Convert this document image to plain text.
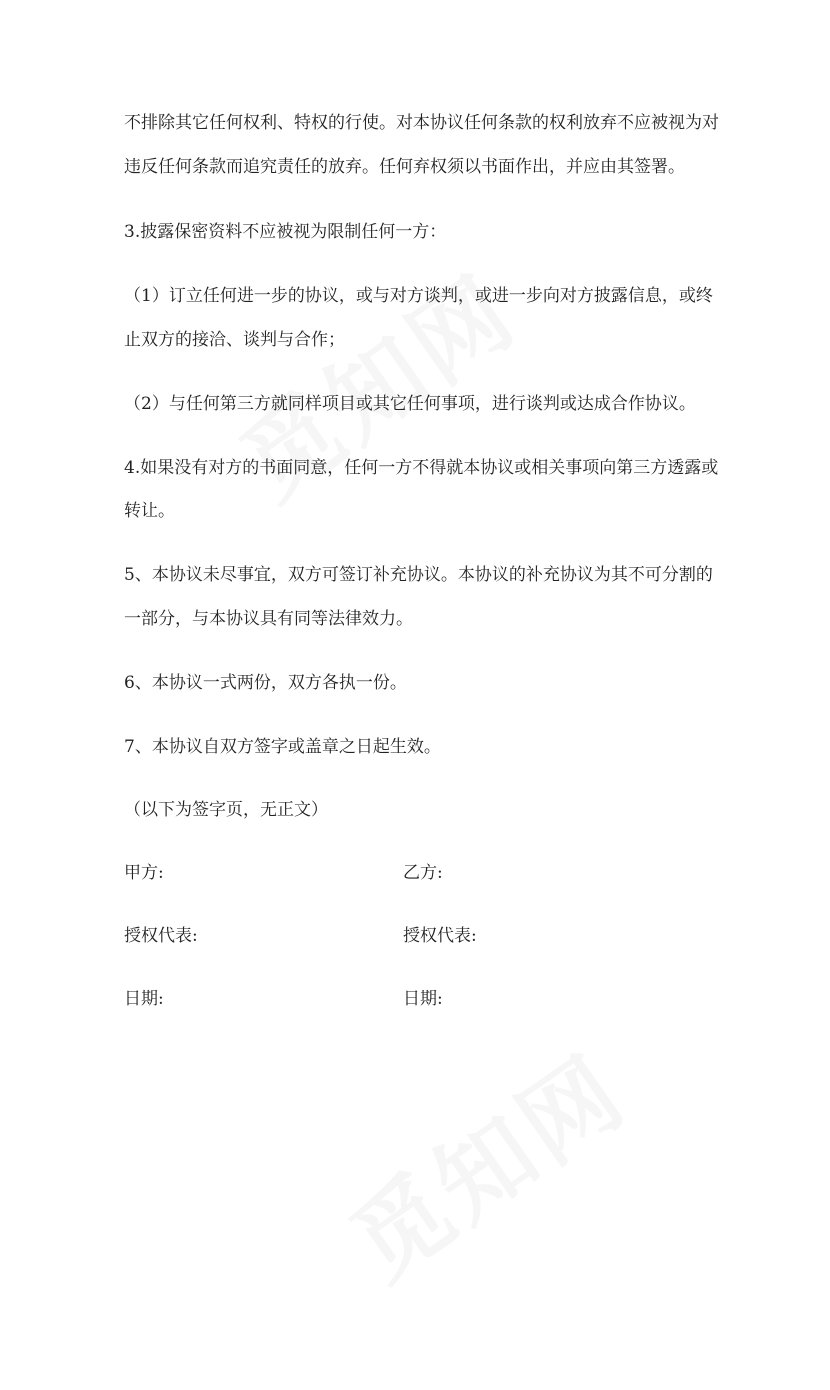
不排除其它任何权利、特权的行使。对本协议任何条款的权利放弃不应被视为对
违反任何条款而追究责任的放弃。任何弃权须以书面作出，并应由其签署。
3.披露保密资料不应被视为限制任何一方：
（1）订立任何进一步的协议，或与对方谈判，或进一步向对方披露信息，或终
止双方的接洽、谈判与合作；
（2）与任何第三方就同样项目或其它任何事项，进行谈判或达成合作协议。
4.如果没有对方的书面同意，任何一方不得就本协议或相关事项向第三方透露或
转让。
5、本协议未尽事宜，双方可签订补充协议。本协议的补充协议为其不可分割的
一部分，与本协议具有同等法律效力。
6、本协议一式两份，双方各执一份。
7、本协议自双方签字或盖章之日起生效。
（以下为签字页，无正文）
甲方:	乙方:
授权代表:	授权代表:
日期:	日期:
